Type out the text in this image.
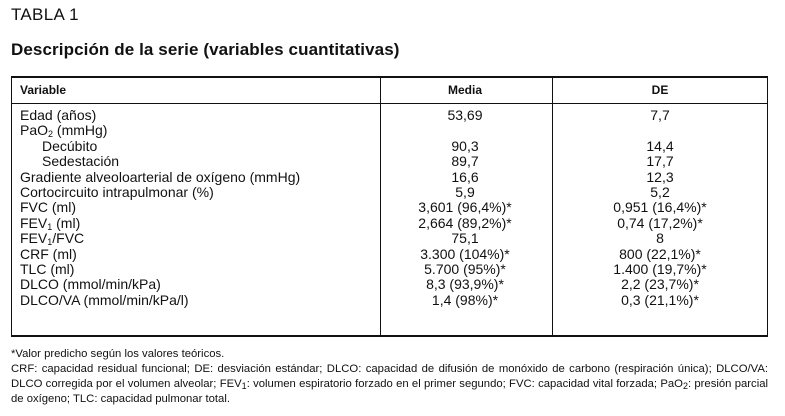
TABLA 1
Descripción de la serie (variables cuantitativas)
Variable	Media	DE
Edad (años)	53,69	7,7
PaO$_2$ (mmHg)
Decúbito	90,3	14,4
Sedestación	89,7	17,7
Gradiente alveoloarterial de oxígeno (mmHg)	16,6	12,3
Cortocircuito intrapulmonar (%)	5,9	5,2
FVC (ml)	3,601 (96,4%)*	0,951 (16,4%)*
$FEV_1$ (ml)	2,664 (89,2%)*	0,74 (17,2%)*
$FEV_1$/FVC	75,1	8
CRF (ml)	3.300 (104%)*	800 (22,1%)*
TLC (ml)	5.700 (95%)*	1.400 (19,7%)*
DLCO (mmol/min/kPa)	8,3 (93,9%)*	2,2 (23,7%)*
DLCO/VA (mmol/min/kPa/l)	1,4 (98%)*	0,3 (21,1%)*

*Valor predicho según los valores teóricos.

CRF: capacidad residual funcional; DE: desviación estándar; DLCO: capacidad de difusión de monóxido de carbono (respiración única); DLCO/VA: DLCO corregida por el volumen alveolar; $FEV_1$: volumen espiratorio forzado en el primer segundo; FVC: capacidad vital forzada; PaO$_2$: presión parcial de oxígeno; TLC: capacidad pulmonar total.
